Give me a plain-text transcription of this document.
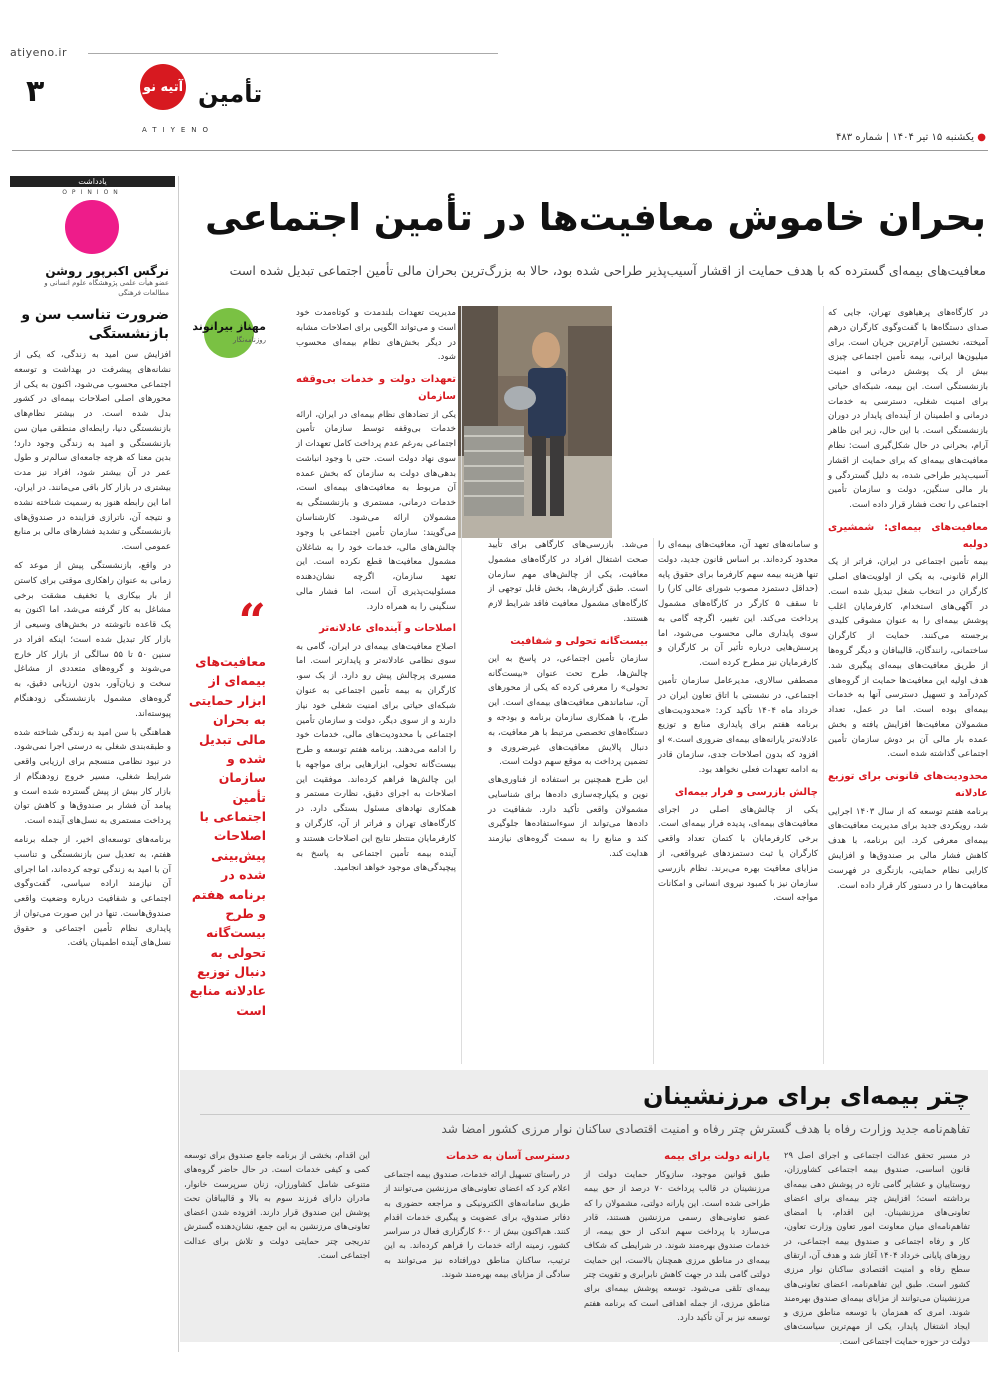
atiyeno.ir
۳	آتیه نو تأمین
ATIYENO
● یکشنبه ۱۵ تیر ۱۴۰۴ | شماره ۴۸۳
یادداشت
OPINION
نرگس اکبرپور روشن
عضو هیأت علمی پژوهشگاه علوم انسانی و مطالعات فرهنگی
ضرورت تناسب سن و بازنشستگی

افزایش سن امید به زندگی، که یکی از نشانه‌های پیشرفت در بهداشت و توسعه اجتماعی محسوب می‌شود، اکنون به یکی از محورهای اصلی اصلاحات بیمه‌ای در کشور بدل شده است. در بیشتر نظام‌های بازنشستگی دنیا، رابطه‌ای منطقی میان سن بازنشستگی و امید به زندگی وجود دارد؛ بدین معنا که هرچه جامعه‌ای سالم‌تر و طول عمر در آن بیشتر شود، افراد نیز مدت بیشتری در بازار کار باقی می‌مانند. در ایران، اما این رابطه هنوز به رسمیت شناخته نشده و نتیجه آن، ناترازی فزاینده در صندوق‌های بازنشستگی و تشدید فشارهای مالی بر منابع عمومی است.

در واقع، بازنشستگی پیش از موعد که زمانی به عنوان راهکاری موقتی برای کاستن از بار بیکاری یا تخفیف مشقت برخی مشاغل به کار گرفته می‌شد، اما اکنون به یک قاعده ناتوشته در بخش‌های وسیعی از بازار کار تبدیل شده است؛ اینکه افراد در سنین ۵۰ تا ۵۵ سالگی از بازار کار خارج می‌شوند و گروه‌های متعددی از مشاغل سخت و زیان‌آور، بدون ارزیابی دقیق، به گروه‌های مشمول بازنشستگی زودهنگام پیوسته‌اند.

هماهنگی با سن امید به زندگی شناخته شده و طبقه‌بندی شغلی به درستی اجرا نمی‌شود. در نبود نظامی منسجم برای ارزیابی واقعی شرایط شغلی، مسیر خروج زودهنگام از بازار کار بیش از پیش گسترده شده است و پیامد آن فشار بر صندوق‌ها و کاهش توان پرداخت مستمری به نسل‌های آینده است.

برنامه‌های توسعه‌ای اخیر، از جمله برنامه هفتم، به تعدیل سن بازنشستگی و تناسب آن با امید به زندگی توجه کرده‌اند، اما اجرای آن نیازمند اراده سیاسی، گفت‌وگوی اجتماعی و شفافیت درباره وضعیت واقعی صندوق‌هاست. تنها در این صورت می‌توان از پایداری نظام تأمین اجتماعی و حقوق نسل‌های آینده اطمینان یافت.

بحران خاموش معافیت‌ها در تأمین اجتماعی
معافیت‌های بیمه‌ای گسترده که با هدف حمایت از اقشار آسیب‌پذیر طراحی شده بود، حالا به بزرگ‌ترین بحران مالی تأمین اجتماعی تبدیل شده است
مهناز بیرانوند
روزنامه‌نگار
“
معافیت‌های بیمه‌ای از ابزار حمایتی به بحران مالی تبدیل شده و سازمان تأمین اجتماعی با اصلاحات پیش‌بینی شده در برنامه هفتم و طرح بیست‌گانه تحولی به دنبال توزیع عادلانه منابع است

در کارگاه‌های پرهیاهوی تهران، جایی که صدای دستگاه‌ها با گفت‌وگوی کارگران درهم آمیخته، نخستین آرام‌ترین جریان است. برای میلیون‌ها ایرانی، بیمه تأمین اجتماعی چیزی بیش از یک پوشش درمانی و امنیت بازنشستگی است. این بیمه، شبکه‌ای حیاتی برای امنیت شغلی، دسترسی به خدمات درمانی و اطمینان از آینده‌ای پایدار در دوران بازنشستگی است. با این حال، زیر این ظاهر آرام، بحرانی در حال شکل‌گیری است: نظام معافیت‌های بیمه‌ای که برای حمایت از اقشار آسیب‌پذیر طراحی شده، به دلیل گستردگی و بار مالی سنگین، دولت و سازمان تأمین اجتماعی را تحت فشار قرار داده است.

معافیت‌های بیمه‌ای: شمشیری دولبه

بیمه تأمین اجتماعی در ایران، فراتر از یک الزام قانونی، به یکی از اولویت‌های اصلی کارگران در انتخاب شغل تبدیل شده است. در آگهی‌های استخدام، کارفرمایان اغلب پوشش بیمه‌ای را به عنوان مشوقی کلیدی برجسته می‌کنند. حمایت از کارگران ساختمانی، رانندگان، قالیبافان و دیگر گروه‌ها از طریق معافیت‌های بیمه‌ای پیگیری شد. هدف اولیه این معافیت‌ها حمایت از گروه‌های کم‌درآمد و تسهیل دسترسی آنها به خدمات بیمه‌ای بوده است. اما در عمل، تعداد مشمولان معافیت‌ها افزایش یافته و بخش عمده بار مالی آن بر دوش سازمان تأمین اجتماعی گذاشته شده است.

محدودیت‌های قانونی برای توزیع عادلانه

برنامه هفتم توسعه که از سال ۱۴۰۳ اجرایی شد، رویکردی جدید برای مدیریت معافیت‌های بیمه‌ای معرفی کرد. این برنامه، با هدف کاهش فشار مالی بر صندوق‌ها و افزایش کارایی نظام حمایتی، بازنگری در فهرست معافیت‌ها را در دستور کار قرار داده است.

و سامانه‌های تعهد آن، معافیت‌های بیمه‌ای را محدود کرده‌اند. بر اساس قانون جدید، دولت تنها هزینه بیمه سهم کارفرما برای حقوق پایه (حداقل دستمزد مصوب شورای عالی کار) را تا سقف ۵ کارگر در کارگاه‌های مشمول پرداخت می‌کند. این تغییر، اگرچه گامی به سوی پایداری مالی محسوب می‌شود، اما پرسش‌هایی درباره تأثیر آن بر کارگران و کارفرمایان نیز مطرح کرده است.

مصطفی سالاری، مدیرعامل سازمان تأمین اجتماعی، در نشستی با اتاق تعاون ایران در خرداد ماه ۱۴۰۴ تأکید کرد: «محدودیت‌های برنامه هفتم برای پایداری منابع و توزیع عادلانه‌تر یارانه‌های بیمه‌ای ضروری است.» او افزود که بدون اصلاحات جدی، سازمان قادر به ادامه تعهدات فعلی نخواهد بود.

چالش بازرسی و فرار بیمه‌ای

یکی از چالش‌های اصلی در اجرای معافیت‌های بیمه‌ای، پدیده فرار بیمه‌ای است. برخی کارفرمایان با کتمان تعداد واقعی کارگران یا ثبت دستمزدهای غیرواقعی، از مزایای معافیت بهره می‌برند. نظام بازرسی سازمان نیز با کمبود نیروی انسانی و امکانات مواجه است.

می‌شد. بازرسی‌های کارگاهی برای تأیید صحت اشتغال افراد در کارگاه‌های مشمول معافیت، یکی از چالش‌های مهم سازمان است. طبق گزارش‌ها، بخش قابل توجهی از کارگاه‌های مشمول معافیت فاقد شرایط لازم هستند.

بیست‌گانه تحولی و شفافیت

سازمان تأمین اجتماعی، در پاسخ به این چالش‌ها، طرح تحت عنوان «بیست‌گانه تحولی» را معرفی کرده که یکی از محورهای آن، ساماندهی معافیت‌های بیمه‌ای است. این طرح، با همکاری سازمان برنامه و بودجه و دستگاه‌های تخصصی مرتبط با هر معافیت، به دنبال پالایش معافیت‌های غیرضروری و تضمین پرداخت به موقع سهم دولت است.

این طرح همچنین بر استفاده از فناوری‌های نوین و یکپارچه‌سازی داده‌ها برای شناسایی مشمولان واقعی تأکید دارد. شفافیت در داده‌ها می‌تواند از سوءاستفاده‌ها جلوگیری کند و منابع را به سمت گروه‌های نیازمند هدایت کند.

مدیریت تعهدات بلندمدت و کوتاه‌مدت خود است و می‌تواند الگویی برای اصلاحات مشابه در دیگر بخش‌های نظام بیمه‌ای محسوب شود.

تعهدات دولت و خدمات بی‌وقفه سازمان

یکی از تضادهای نظام بیمه‌ای در ایران، ارائه خدمات بی‌وقفه توسط سازمان تأمین اجتماعی به‌رغم عدم پرداخت کامل تعهدات از سوی نهاد دولت است. حتی با وجود انباشت بدهی‌های دولت به سازمان که بخش عمده آن مربوط به معافیت‌های بیمه‌ای است، خدمات درمانی، مستمری و بازنشستگی به مشمولان ارائه می‌شود. کارشناسان می‌گویند: سازمان تأمین اجتماعی با وجود چالش‌های مالی، خدمات خود را به شاغلان مشمول معافیت‌ها قطع نکرده است. این تعهد سازمان، اگرچه نشان‌دهنده مسئولیت‌پذیری آن است، اما فشار مالی سنگینی را به همراه دارد.

اصلاحات و آینده‌ای عادلانه‌تر

اصلاح معافیت‌های بیمه‌ای در ایران، گامی به سوی نظامی عادلانه‌تر و پایدارتر است. اما مسیری پرچالش پیش رو دارد. از یک سو، کارگران به بیمه تأمین اجتماعی به عنوان شبکه‌ای حیاتی برای امنیت شغلی خود نیاز دارند و از سوی دیگر، دولت و سازمان تأمین اجتماعی با محدودیت‌های مالی، خدمات خود را ادامه می‌دهند. برنامه هفتم توسعه و طرح بیست‌گانه تحولی، ابزارهایی برای مواجهه با این چالش‌ها فراهم کرده‌اند. موفقیت این اصلاحات به اجرای دقیق، نظارت مستمر و همکاری نهادهای مسئول بستگی دارد. در کارگاه‌های تهران و فراتر از آن، کارگران و کارفرمایان منتظر نتایج این اصلاحات هستند و آینده بیمه تأمین اجتماعی به پاسخ به پیچیدگی‌های موجود خواهد انجامید.

چتر بیمه‌ای برای مرزنشینان
تفاهم‌نامه جدید وزارت رفاه با هدف گسترش چتر رفاه و امنیت اقتصادی ساکنان نوار مرزی کشور امضا شد

در مسیر تحقق عدالت اجتماعی و اجرای اصل ۲۹ قانون اساسی، صندوق بیمه اجتماعی کشاورزان، روستاییان و عشایر گامی تازه در پوشش دهی بیمه‌ای برداشته است؛ افزایش چتر بیمه‌ای برای اعضای تعاونی‌های مرزنشینان. این اقدام، با امضای تفاهم‌نامه‌ای میان معاونت امور تعاون وزارت تعاون، کار و رفاه اجتماعی و صندوق بیمه اجتماعی، در روزهای پایانی خرداد ۱۴۰۴ آغاز شد و هدف آن، ارتقای سطح رفاه و امنیت اقتصادی ساکنان نوار مرزی کشور است. طبق این تفاهم‌نامه، اعضای تعاونی‌های مرزنشینان می‌توانند از مزایای بیمه‌ای صندوق بهره‌مند شوند. امری که همزمان با توسعه مناطق مرزی و ایجاد اشتغال پایدار، یکی از مهم‌ترین سیاست‌های دولت در حوزه حمایت اجتماعی است.

یارانه دولت برای بیمه

طبق قوانین موجود، سازوکار حمایت دولت از مرزنشینان در قالب پرداخت ۷۰ درصد از حق بیمه طراحی شده است. این یارانه دولتی، مشمولان را که عضو تعاونی‌های رسمی مرزنشین هستند، قادر می‌سازد با پرداخت سهم اندکی از حق بیمه، از خدمات صندوق بهره‌مند شوند. در شرایطی که شکاف بیمه‌ای در مناطق مرزی همچنان بالاست، این حمایت دولتی گامی بلند در جهت کاهش نابرابری و تقویت چتر بیمه‌ای تلقی می‌شود. توسعه پوشش بیمه‌ای برای مناطق مرزی، از جمله اهدافی است که برنامه هفتم توسعه نیز بر آن تأکید دارد.

دسترسی آسان به خدمات

در راستای تسهیل ارائه خدمات، صندوق بیمه اجتماعی اعلام کرد که اعضای تعاونی‌های مرزنشین می‌توانند از طریق سامانه‌های الکترونیکی و مراجعه حضوری به دفاتر صندوق، برای عضویت و پیگیری خدمات اقدام کنند. هم‌اکنون بیش از ۶۰۰ کارگزاری فعال در سراسر کشور، زمینه ارائه خدمات را فراهم کرده‌اند. به این ترتیب، ساکنان مناطق دورافتاده نیز می‌توانند به سادگی از مزایای بیمه بهره‌مند شوند.

این اقدام، بخشی از برنامه جامع صندوق برای توسعه کمی و کیفی خدمات است. در حال حاضر گروه‌های متنوعی شامل کشاورزان، زنان سرپرست خانوار، مادران دارای فرزند سوم به بالا و قالیبافان تحت پوشش این صندوق قرار دارند. افزوده شدن اعضای تعاونی‌های مرزنشین به این جمع، نشان‌دهنده گسترش تدریجی چتر حمایتی دولت و تلاش برای عدالت اجتماعی است.
